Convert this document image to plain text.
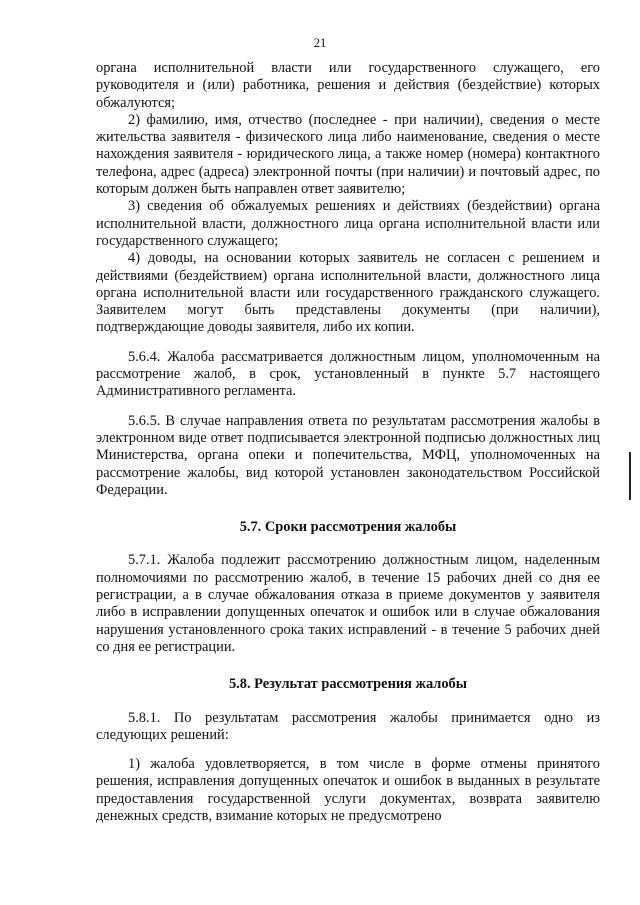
21

органа исполнительной власти или государственного служащего, его руководителя и (или) работника, решения и действия (бездействие) которых обжалуются;

2) фамилию, имя, отчество (последнее - при наличии), сведения о месте жительства заявителя - физического лица либо наименование, сведения о месте нахождения заявителя - юридического лица, а также номер (номера) контактного телефона, адрес (адреса) электронной почты (при наличии) и почтовый адрес, по которым должен быть направлен ответ заявителю;

3) сведения об обжалуемых решениях и действиях (бездействии) органа исполнительной власти, должностного лица органа исполнительной власти или государственного служащего;

4) доводы, на основании которых заявитель не согласен с решением и действиями (бездействием) органа исполнительной власти, должностного лица органа исполнительной власти или государственного гражданского служащего. Заявителем могут быть представлены документы (при наличии), подтверждающие доводы заявителя, либо их копии.

5.6.4. Жалоба рассматривается должностным лицом, уполномоченным на рассмотрение жалоб, в срок, установленный в пункте 5.7 настоящего Административного регламента.

5.6.5. В случае направления ответа по результатам рассмотрения жалобы в электронном виде ответ подписывается электронной подписью должностных лиц Министерства, органа опеки и попечительства, МФЦ, уполномоченных на рассмотрение жалобы, вид которой установлен законодательством Российской Федерации.

5.7. Сроки рассмотрения жалобы

5.7.1. Жалоба подлежит рассмотрению должностным лицом, наделенным полномочиями по рассмотрению жалоб, в течение 15 рабочих дней со дня ее регистрации, а в случае обжалования отказа в приеме документов у заявителя либо в исправлении допущенных опечаток и ошибок или в случае обжалования нарушения установленного срока таких исправлений - в течение 5 рабочих дней со дня ее регистрации.

5.8. Результат рассмотрения жалобы

5.8.1. По результатам рассмотрения жалобы принимается одно из следующих решений:

1) жалоба удовлетворяется, в том числе в форме отмены принятого решения, исправления допущенных опечаток и ошибок в выданных в результате предоставления государственной услуги документах, возврата заявителю денежных средств, взимание которых не предусмотрено
